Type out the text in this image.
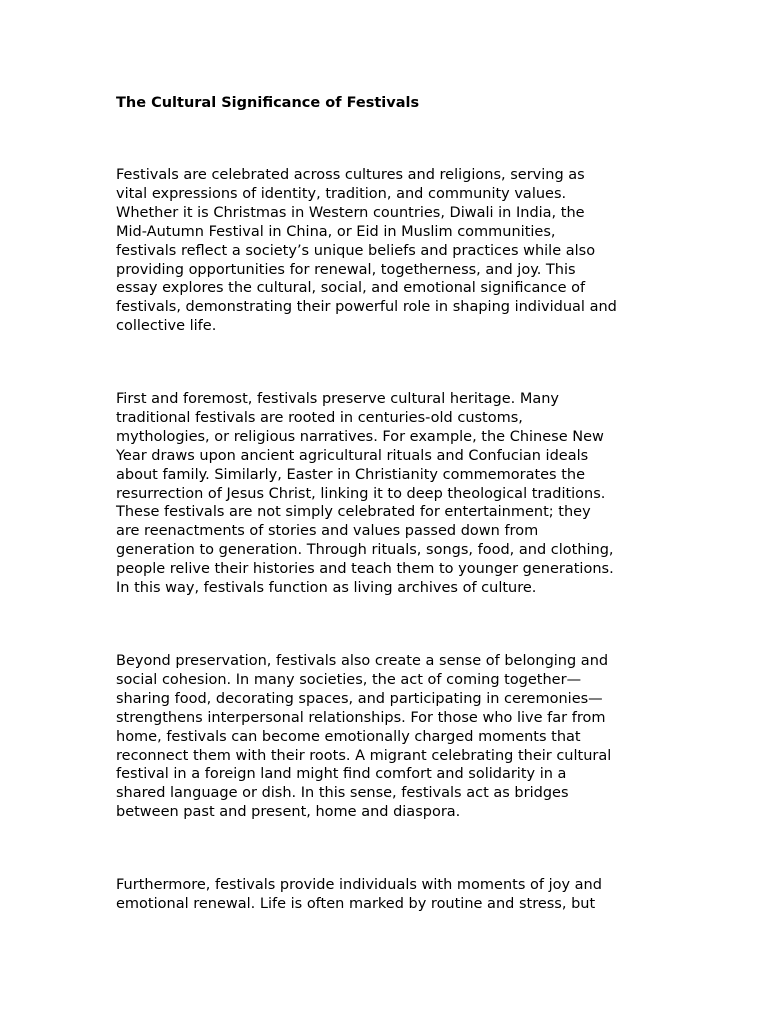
The Cultural Significance of Festivals

Festivals are celebrated across cultures and religions, serving as
vital expressions of identity, tradition, and community values.
Whether it is Christmas in Western countries, Diwali in India, the
Mid-Autumn Festival in China, or Eid in Muslim communities,
festivals reflect a society’s unique beliefs and practices while also
providing opportunities for renewal, togetherness, and joy. This
essay explores the cultural, social, and emotional significance of
festivals, demonstrating their powerful role in shaping individual and
collective life.

First and foremost, festivals preserve cultural heritage. Many
traditional festivals are rooted in centuries-old customs,
mythologies, or religious narratives. For example, the Chinese New
Year draws upon ancient agricultural rituals and Confucian ideals
about family. Similarly, Easter in Christianity commemorates the
resurrection of Jesus Christ, linking it to deep theological traditions.
These festivals are not simply celebrated for entertainment; they
are reenactments of stories and values passed down from
generation to generation. Through rituals, songs, food, and clothing,
people relive their histories and teach them to younger generations.
In this way, festivals function as living archives of culture.

Beyond preservation, festivals also create a sense of belonging and
social cohesion. In many societies, the act of coming together—
sharing food, decorating spaces, and participating in ceremonies—
strengthens interpersonal relationships. For those who live far from
home, festivals can become emotionally charged moments that
reconnect them with their roots. A migrant celebrating their cultural
festival in a foreign land might find comfort and solidarity in a
shared language or dish. In this sense, festivals act as bridges
between past and present, home and diaspora.

Furthermore, festivals provide individuals with moments of joy and
emotional renewal. Life is often marked by routine and stress, but
